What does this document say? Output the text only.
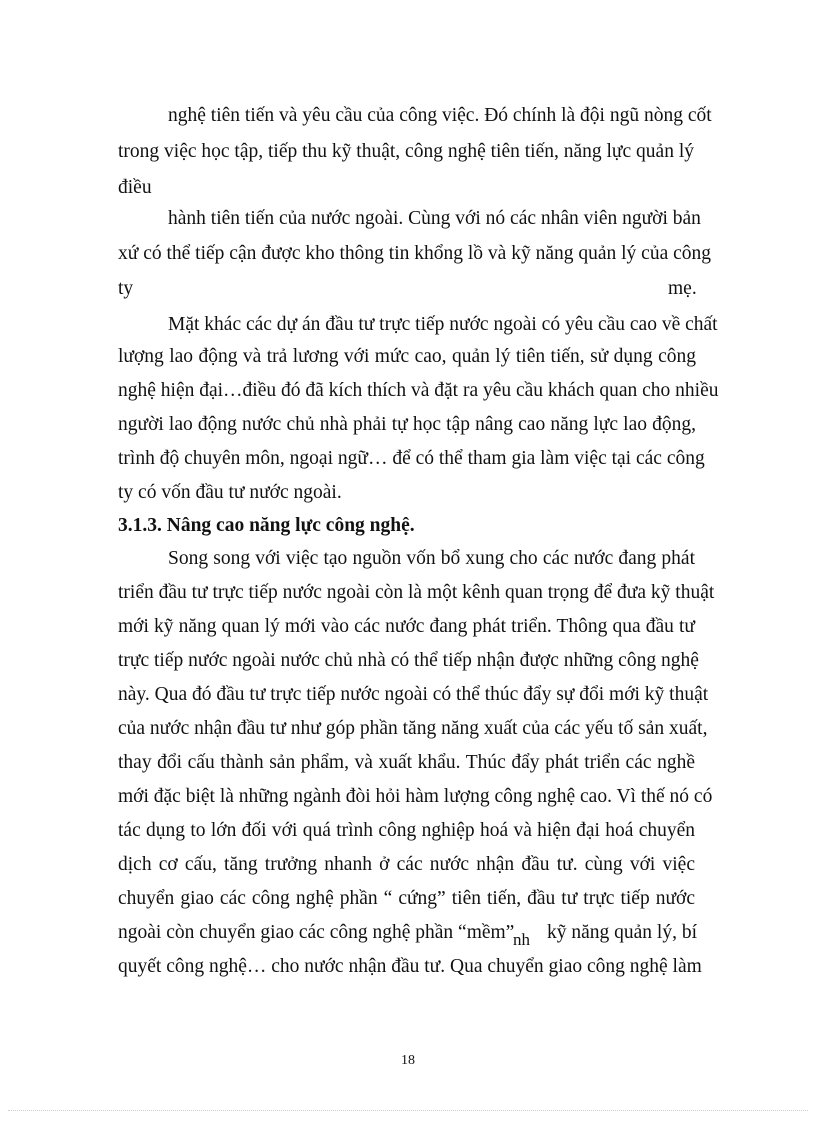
nghệ tiên tiến và yêu cầu của công việc. Đó chính là đội ngũ nòng cốt

trong việc học tập, tiếp thu kỹ thuật, công nghệ tiên tiến, năng lực quản lý

điều

hành tiên tiến của nước ngoài. Cùng với nó các nhân viên người bản

xứ có thể tiếp cận được kho thông tin khổng lồ và kỹ năng quản lý của công

ty	mẹ.

Mặt khác các dự án đầu tư trực tiếp nước ngoài có yêu cầu cao về chất

lượng lao động và trả lương với mức cao, quản lý tiên tiến, sử dụng công

nghệ hiện đại…điều đó đã kích thích và đặt ra yêu cầu khách quan cho nhiều

người lao động nước chủ nhà phải tự học tập nâng cao năng lực lao động,

trình độ chuyên môn, ngoại ngữ… để có thể tham gia làm việc tại các công

ty có vốn đầu tư nước ngoài.

3.1.3. Nâng cao năng lực công nghệ.

Song song với việc tạo nguồn vốn bổ xung cho các nước đang phát

triển đầu tư trực tiếp nước ngoài còn là một kênh quan trọng để đưa kỹ thuật

mới kỹ năng quan lý mới vào các nước đang phát triển. Thông qua đầu tư

trực tiếp nước ngoài nước chủ nhà có thể tiếp nhận được những công nghệ

này. Qua đó đầu tư trực tiếp nước ngoài có thể thúc đẩy sự đổi mới kỹ thuật

của nước nhận đầu tư như góp phần tăng năng xuất của các yếu tố sản xuất,

thay đổi cấu thành sản phẩm, và xuất khẩu. Thúc đẩy phát triển các nghề

mới đặc biệt là những ngành đòi hỏi hàm lượng công nghệ cao. Vì thế nó có

tác dụng to lớn đối với quá trình công nghiệp hoá và hiện đại hoá chuyển

dịch cơ cấu, tăng trưởng nhanh ở các nước nhận đầu tư. cùng với việc

chuyển giao các công nghệ phần “ cứng” tiên tiến, đầu tư trực tiếp nước

ngoài còn chuyển giao các công nghệ phần “mềm”

nh kỹ năng quản lý, bí

quyết công nghệ… cho nước nhận đầu tư. Qua chuyển giao công nghệ làm

18
